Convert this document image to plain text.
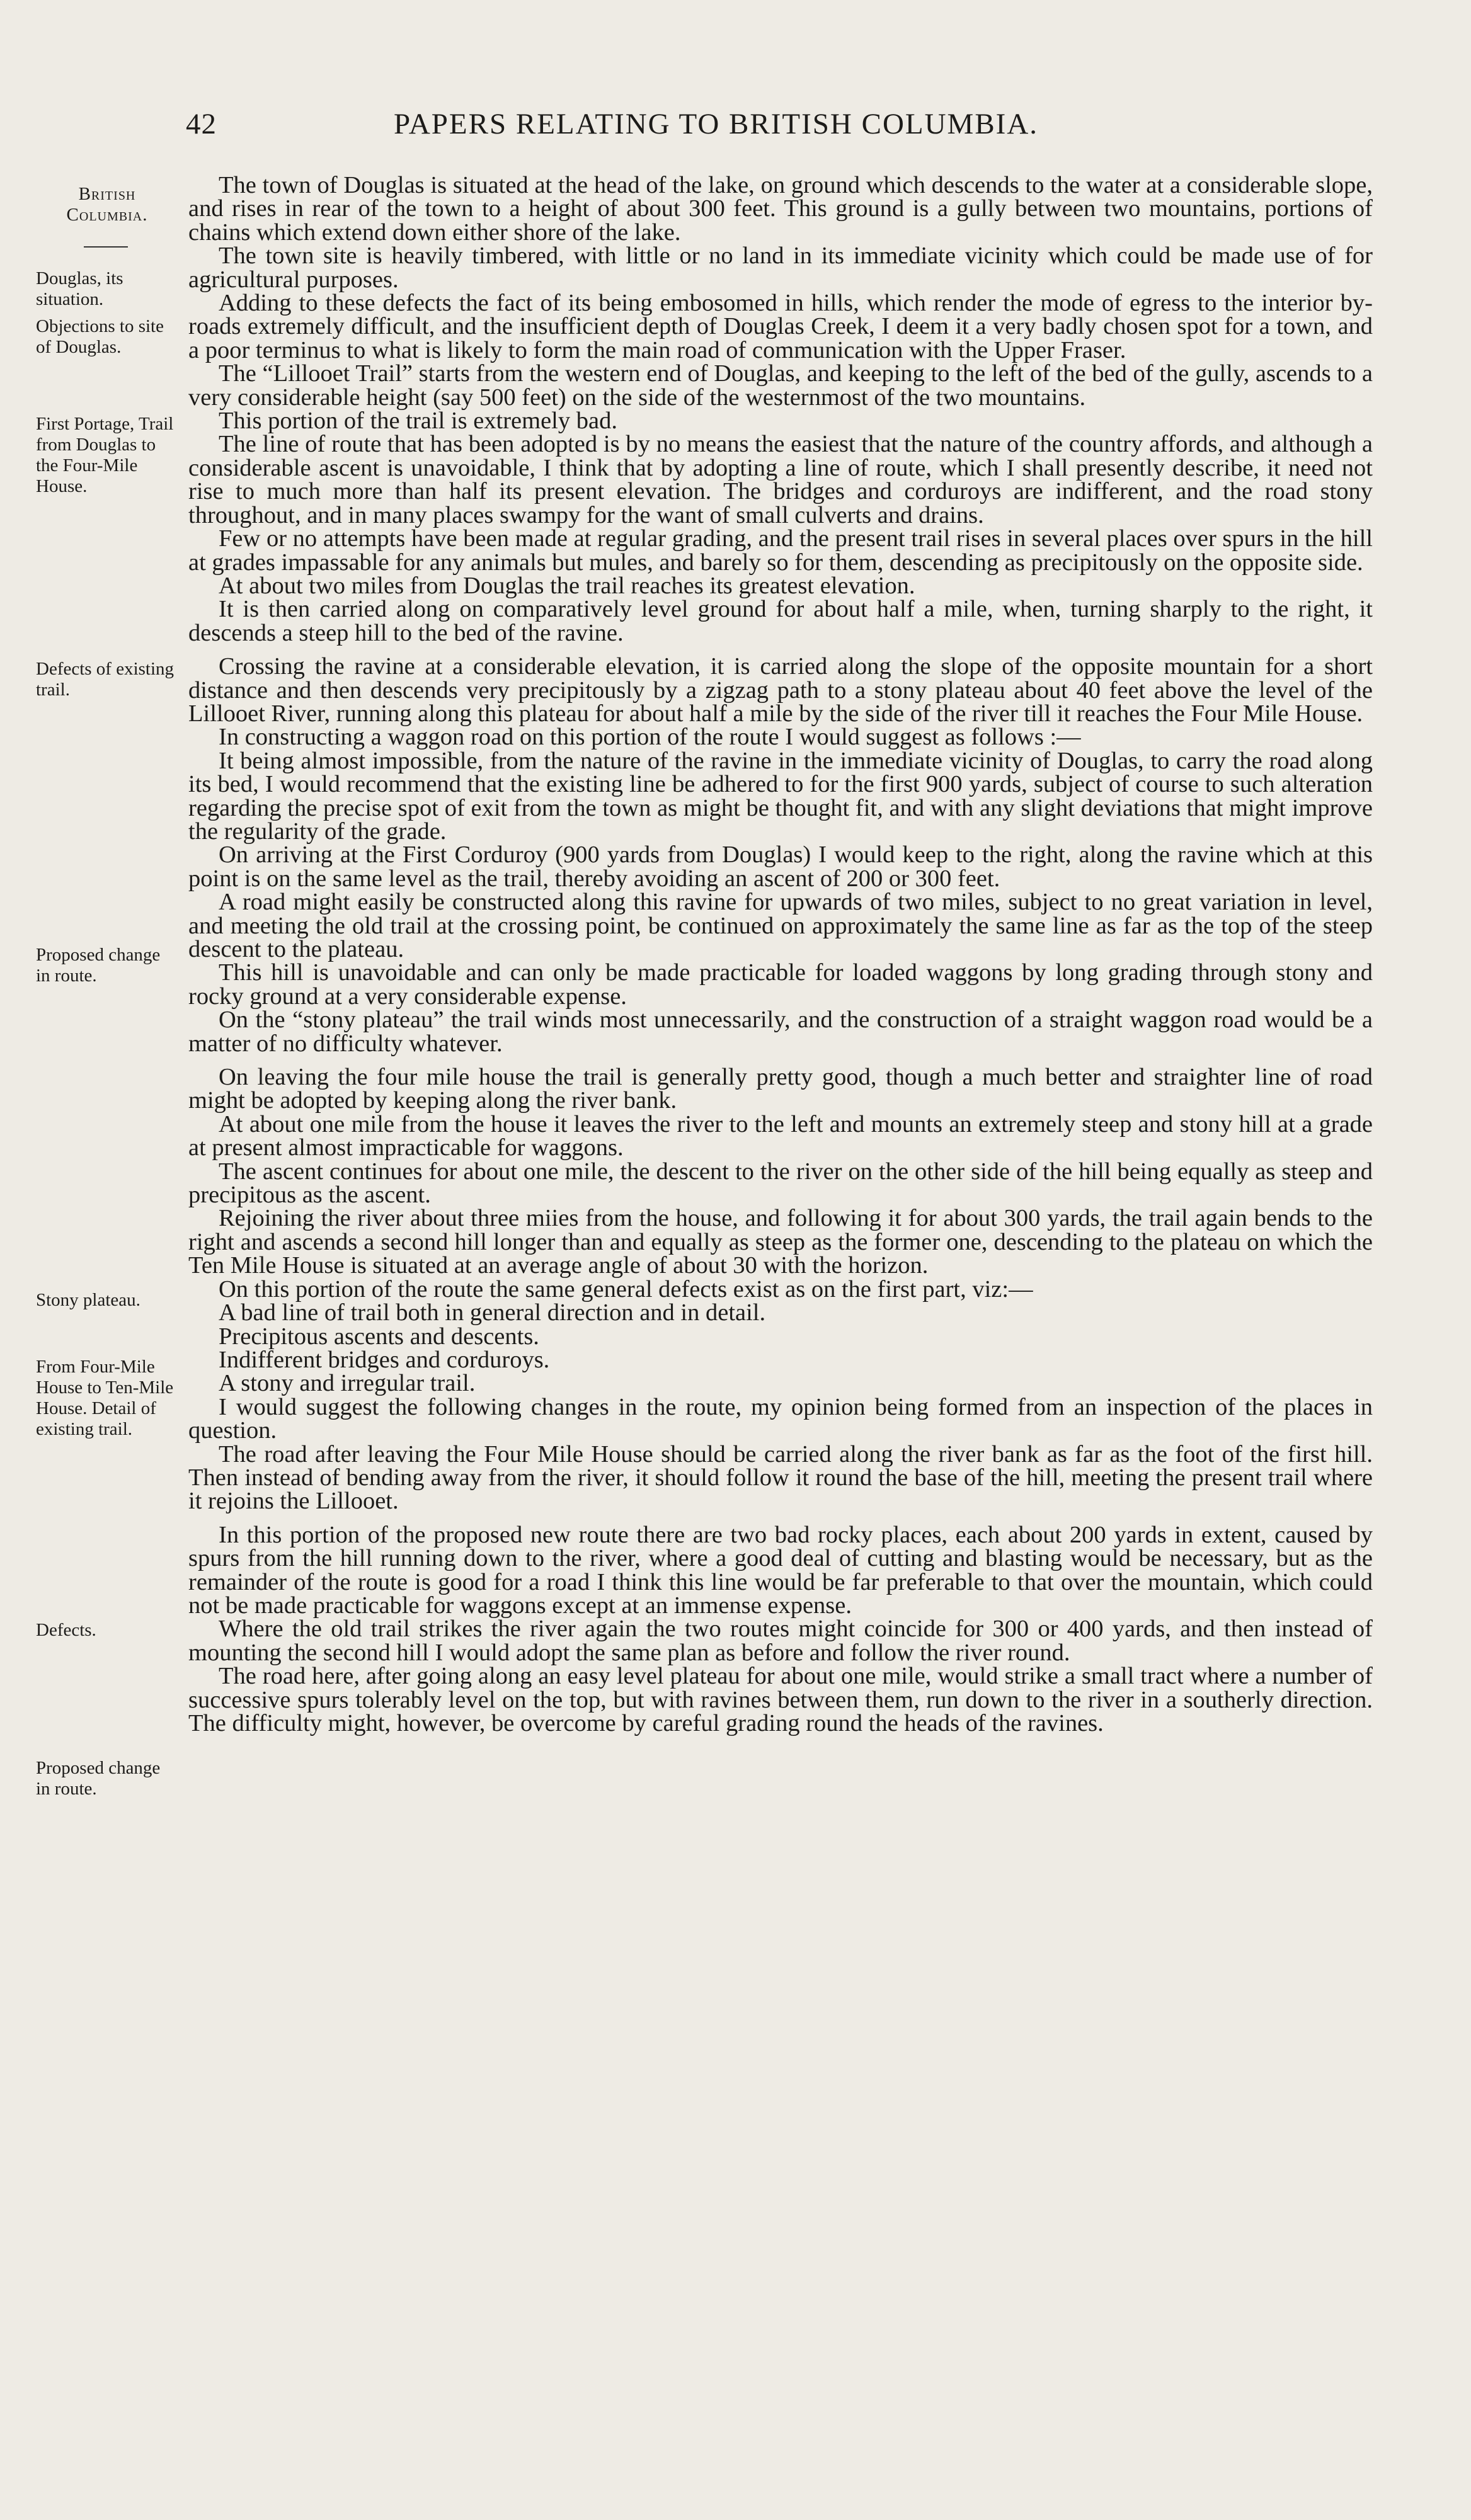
42	PAPERS RELATING TO BRITISH COLUMBIA.
British Columbia.
Douglas, its situation.
Objections to site of Douglas.
First Portage, Trail from Douglas to the Four-Mile House.
Defects of existing trail.
Proposed change in route.
Stony plateau.
From Four-Mile House to Ten-Mile House. Detail of existing trail.
Defects.
Proposed change in route.

The town of Douglas is situated at the head of the lake, on ground which descends to the water at a considerable slope, and rises in rear of the town to a height of about 300 feet. This ground is a gully between two mountains, portions of chains which extend down either shore of the lake.

The town site is heavily timbered, with little or no land in its immediate vicinity which could be made use of for agricultural purposes.

Adding to these defects the fact of its being embosomed in hills, which render the mode of egress to the interior by-roads extremely difficult, and the insufficient depth of Douglas Creek, I deem it a very badly chosen spot for a town, and a poor terminus to what is likely to form the main road of communication with the Upper Fraser.

The “Lillooet Trail” starts from the western end of Douglas, and keeping to the left of the bed of the gully, ascends to a very considerable height (say 500 feet) on the side of the westernmost of the two mountains.

This portion of the trail is extremely bad.

The line of route that has been adopted is by no means the easiest that the nature of the country affords, and although a considerable ascent is unavoidable, I think that by adopting a line of route, which I shall presently describe, it need not rise to much more than half its present elevation. The bridges and corduroys are indifferent, and the road stony throughout, and in many places swampy for the want of small culverts and drains.

Few or no attempts have been made at regular grading, and the present trail rises in several places over spurs in the hill at grades impassable for any animals but mules, and barely so for them, descending as precipitously on the opposite side.

At about two miles from Douglas the trail reaches its greatest elevation.

It is then carried along on comparatively level ground for about half a mile, when, turning sharply to the right, it descends a steep hill to the bed of the ravine.

Crossing the ravine at a considerable elevation, it is carried along the slope of the opposite mountain for a short distance and then descends very precipitously by a zigzag path to a stony plateau about 40 feet above the level of the Lillooet River, running along this plateau for about half a mile by the side of the river till it reaches the Four Mile House.

In constructing a waggon road on this portion of the route I would suggest as follows :—

It being almost impossible, from the nature of the ravine in the immediate vicinity of Douglas, to carry the road along its bed, I would recommend that the existing line be adhered to for the first 900 yards, subject of course to such alteration regarding the precise spot of exit from the town as might be thought fit, and with any slight deviations that might improve the regularity of the grade.

On arriving at the First Corduroy (900 yards from Douglas) I would keep to the right, along the ravine which at this point is on the same level as the trail, thereby avoiding an ascent of 200 or 300 feet.

A road might easily be constructed along this ravine for upwards of two miles, subject to no great variation in level, and meeting the old trail at the crossing point, be continued on approximately the same line as far as the top of the steep descent to the plateau.

This hill is unavoidable and can only be made practicable for loaded waggons by long grading through stony and rocky ground at a very considerable expense.

On the “stony plateau” the trail winds most unnecessarily, and the construction of a straight waggon road would be a matter of no difficulty whatever.

On leaving the four mile house the trail is generally pretty good, though a much better and straighter line of road might be adopted by keeping along the river bank.

At about one mile from the house it leaves the river to the left and mounts an extremely steep and stony hill at a grade at present almost impracticable for waggons.

The ascent continues for about one mile, the descent to the river on the other side of the hill being equally as steep and precipitous as the ascent.

Rejoining the river about three miies from the house, and following it for about 300 yards, the trail again bends to the right and ascends a second hill longer than and equally as steep as the former one, descending to the plateau on which the Ten Mile House is situated at an average angle of about 30 with the horizon.

On this portion of the route the same general defects exist as on the first part, viz:—

A bad line of trail both in general direction and in detail.

Precipitous ascents and descents.

Indifferent bridges and corduroys.

A stony and irregular trail.

I would suggest the following changes in the route, my opinion being formed from an inspection of the places in question.

The road after leaving the Four Mile House should be carried along the river bank as far as the foot of the first hill. Then instead of bending away from the river, it should follow it round the base of the hill, meeting the present trail where it rejoins the Lillooet.

In this portion of the proposed new route there are two bad rocky places, each about 200 yards in extent, caused by spurs from the hill running down to the river, where a good deal of cutting and blasting would be necessary, but as the remainder of the route is good for a road I think this line would be far preferable to that over the mountain, which could not be made practicable for waggons except at an immense expense.

Where the old trail strikes the river again the two routes might coincide for 300 or 400 yards, and then instead of mounting the second hill I would adopt the same plan as before and follow the river round.

The road here, after going along an easy level plateau for about one mile, would strike a small tract where a number of successive spurs tolerably level on the top, but with ravines between them, run down to the river in a southerly direction. The difficulty might, however, be overcome by careful grading round the heads of the ravines.
